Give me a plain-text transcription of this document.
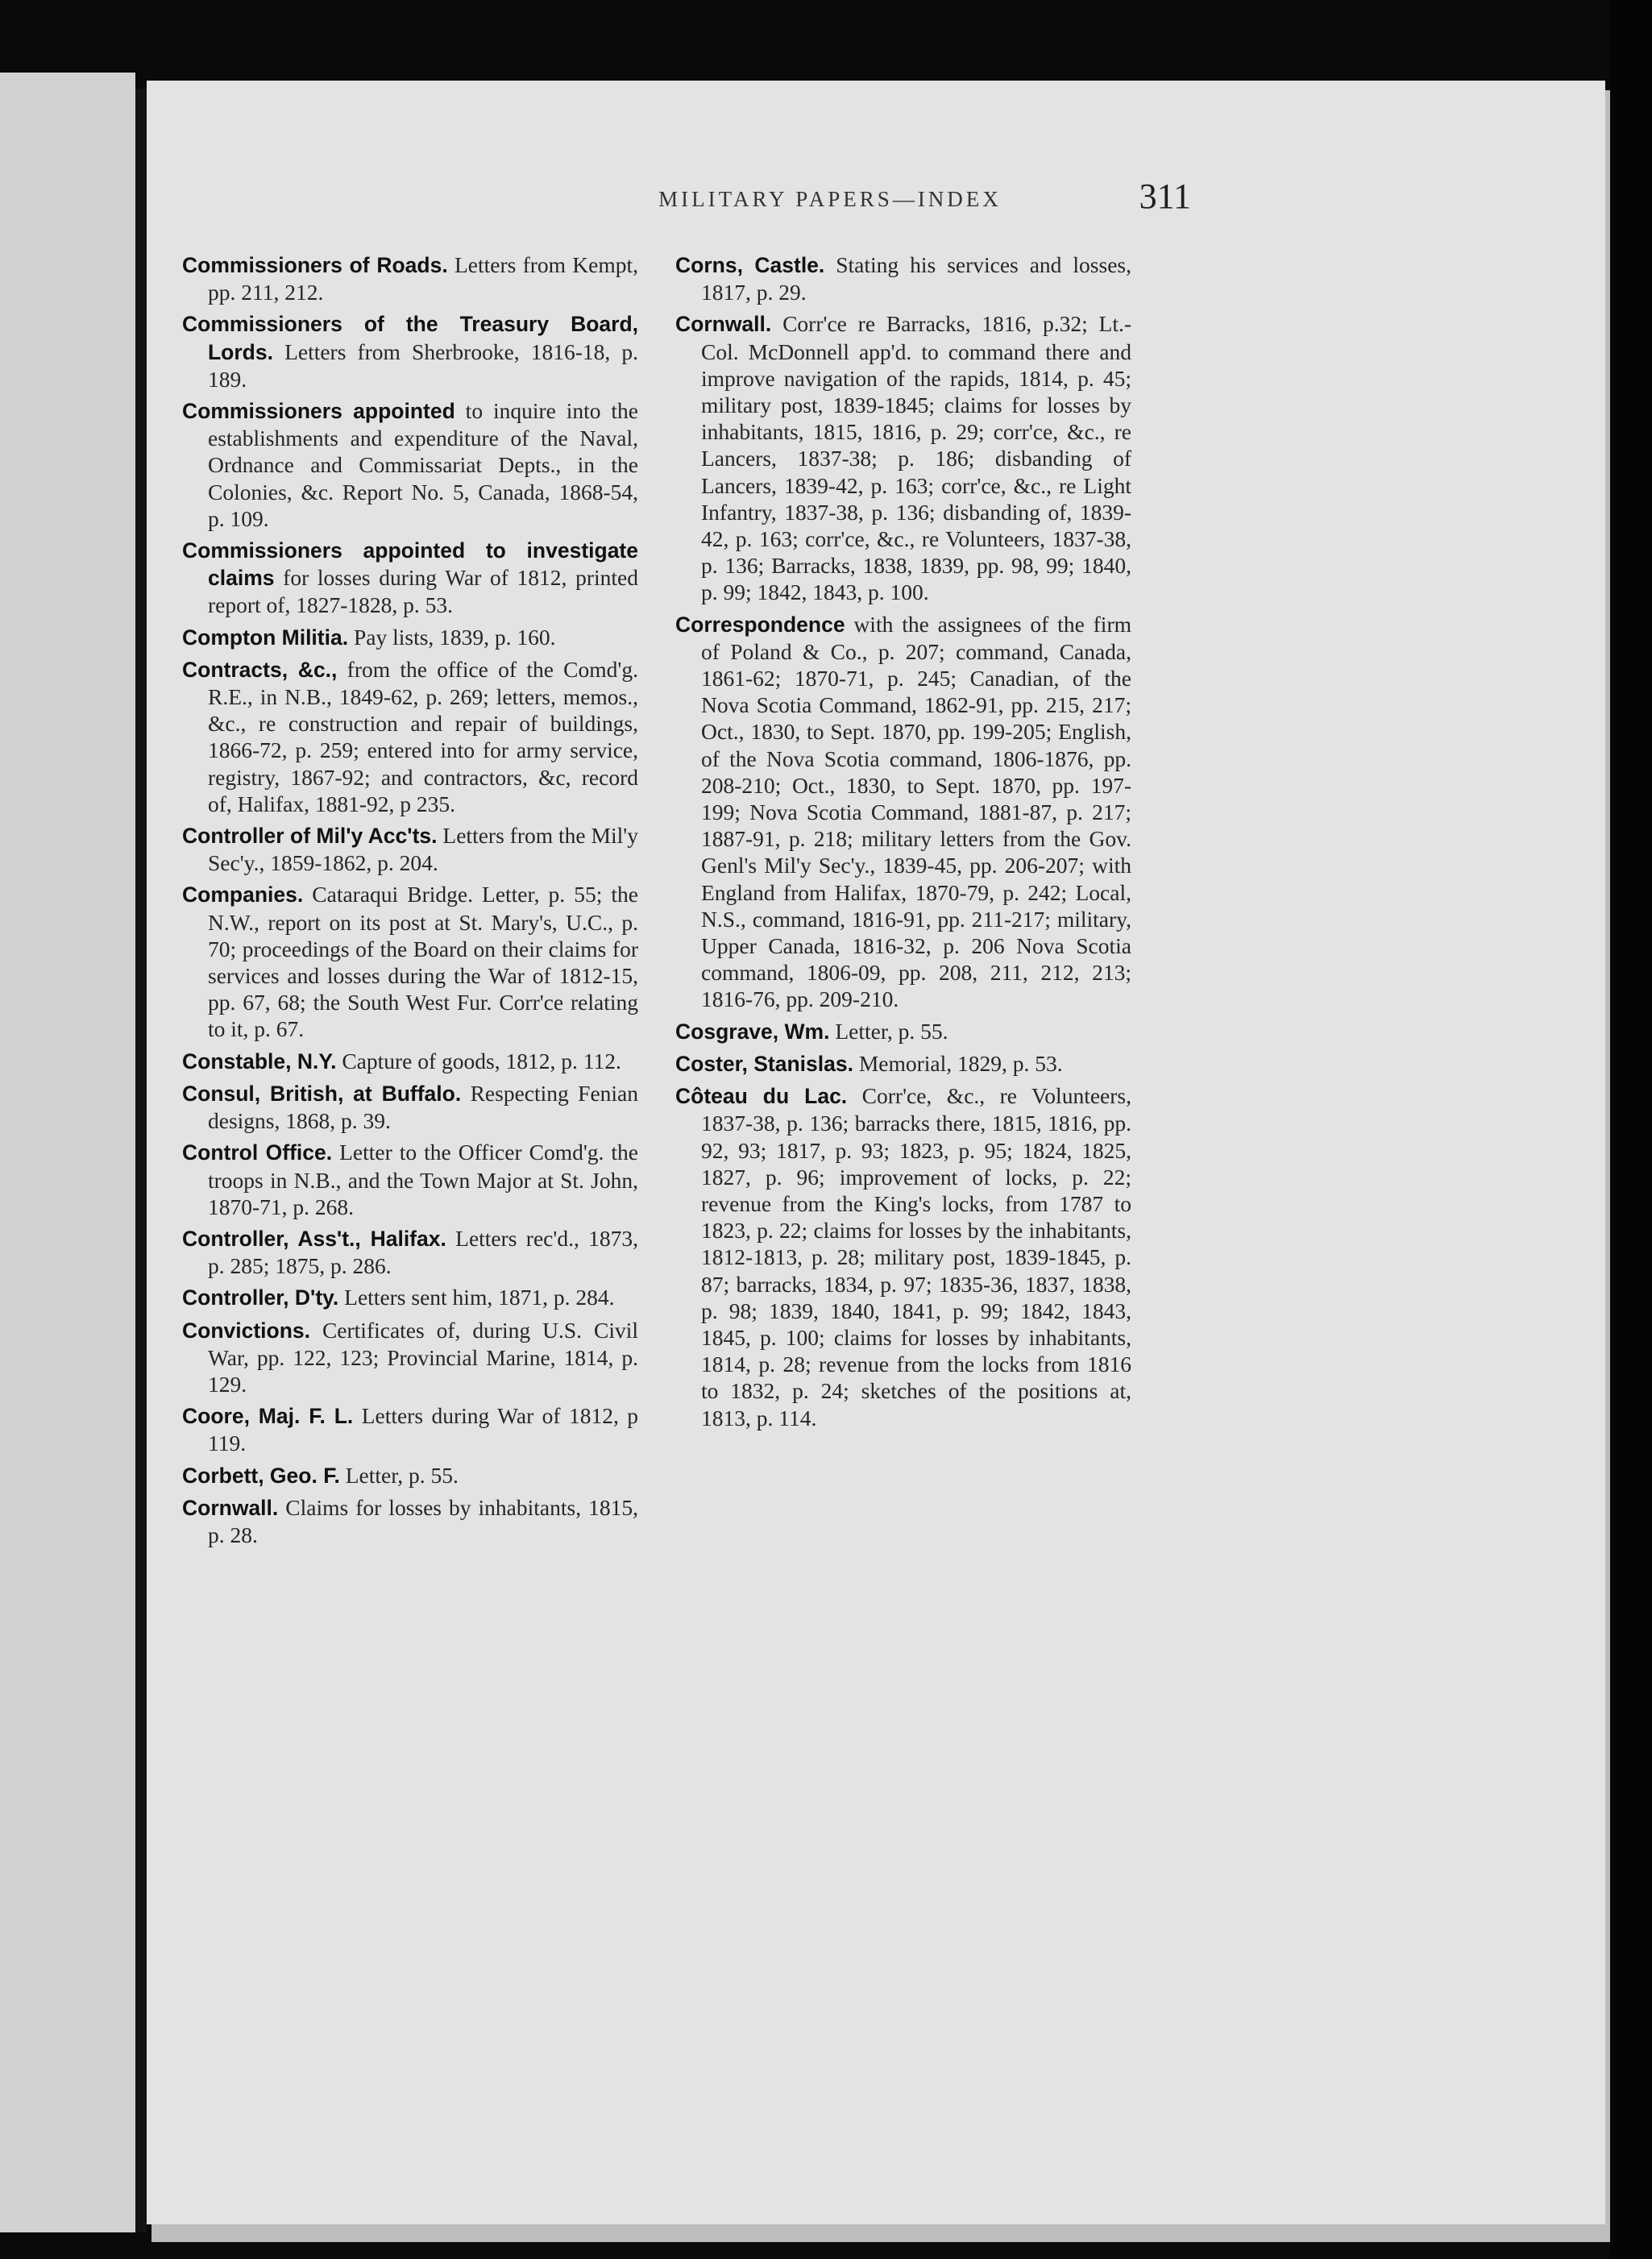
MILITARY PAPERS—INDEX	311

Commissioners of Roads. Letters from Kempt, pp. 211, 212.

Commissioners of the Treasury Board, Lords. Letters from Sherbrooke, 1816-18, p. 189.

Commissioners appointed to inquire into the establishments and expenditure of the Naval, Ordnance and Commissariat Depts., in the Colonies, &c. Report No. 5, Canada, 1868-54, p. 109.

Commissioners appointed to investigate claims for losses during War of 1812, printed report of, 1827-1828, p. 53.

Compton Militia. Pay lists, 1839, p. 160.

Contracts, &c., from the office of the Comd'g. R.E., in N.B., 1849-62, p. 269; letters, memos., &c., re construction and repair of buildings, 1866-72, p. 259; entered into for army service, registry, 1867-92; and contractors, &c, record of, Halifax, 1881-92, p 235.

Controller of Mil'y Acc'ts. Letters from the Mil'y Sec'y., 1859-1862, p. 204.

Companies. Cataraqui Bridge. Letter, p. 55; the N.W., report on its post at St. Mary's, U.C., p. 70; proceedings of the Board on their claims for services and losses during the War of 1812-15, pp. 67, 68; the South West Fur. Corr'ce relating to it, p. 67.

Constable, N.Y. Capture of goods, 1812, p. 112.

Consul, British, at Buffalo. Respecting Fenian designs, 1868, p. 39.

Control Office. Letter to the Officer Comd'g. the troops in N.B., and the Town Major at St. John, 1870-71, p. 268.

Controller, Ass't., Halifax. Letters rec'd., 1873, p. 285; 1875, p. 286.

Controller, D'ty. Letters sent him, 1871, p. 284.

Convictions. Certificates of, during U.S. Civil War, pp. 122, 123; Provincial Marine, 1814, p. 129.

Coore, Maj. F. L. Letters during War of 1812, p 119.

Corbett, Geo. F. Letter, p. 55.

Cornwall. Claims for losses by inhabitants, 1815, p. 28.

Corns, Castle. Stating his services and losses, 1817, p. 29.

Cornwall. Corr'ce re Barracks, 1816, p.32; Lt.-Col. McDonnell app'd. to command there and improve navigation of the rapids, 1814, p. 45; military post, 1839-1845; claims for losses by inhabitants, 1815, 1816, p. 29; corr'ce, &c., re Lancers, 1837-38; p. 186; disbanding of Lancers, 1839-42, p. 163; corr'ce, &c., re Light Infantry, 1837-38, p. 136; disbanding of, 1839-42, p. 163; corr'ce, &c., re Volunteers, 1837-38, p. 136; Barracks, 1838, 1839, pp. 98, 99; 1840, p. 99; 1842, 1843, p. 100.

Correspondence with the assignees of the firm of Poland & Co., p. 207; command, Canada, 1861-62; 1870-71, p. 245; Canadian, of the Nova Scotia Command, 1862-91, pp. 215, 217; Oct., 1830, to Sept. 1870, pp. 199-205; English, of the Nova Scotia command, 1806-1876, pp. 208-210; Oct., 1830, to Sept. 1870, pp. 197-199; Nova Scotia Command, 1881-87, p. 217; 1887-91, p. 218; military letters from the Gov. Genl's Mil'y Sec'y., 1839-45, pp. 206-207; with England from Halifax, 1870-79, p. 242; Local, N.S., command, 1816-91, pp. 211-217; military, Upper Canada, 1816-32, p. 206 Nova Scotia command, 1806-09, pp. 208, 211, 212, 213; 1816-76, pp. 209-210.

Cosgrave, Wm. Letter, p. 55.

Coster, Stanislas. Memorial, 1829, p. 53.

Côteau du Lac. Corr'ce, &c., re Volunteers, 1837-38, p. 136; barracks there, 1815, 1816, pp. 92, 93; 1817, p. 93; 1823, p. 95; 1824, 1825, 1827, p. 96; improvement of locks, p. 22; revenue from the King's locks, from 1787 to 1823, p. 22; claims for losses by the inhabitants, 1812-1813, p. 28; military post, 1839-1845, p. 87; barracks, 1834, p. 97; 1835-36, 1837, 1838, p. 98; 1839, 1840, 1841, p. 99; 1842, 1843, 1845, p. 100; claims for losses by inhabitants, 1814, p. 28; revenue from the locks from 1816 to 1832, p. 24; sketches of the positions at, 1813, p. 114.
